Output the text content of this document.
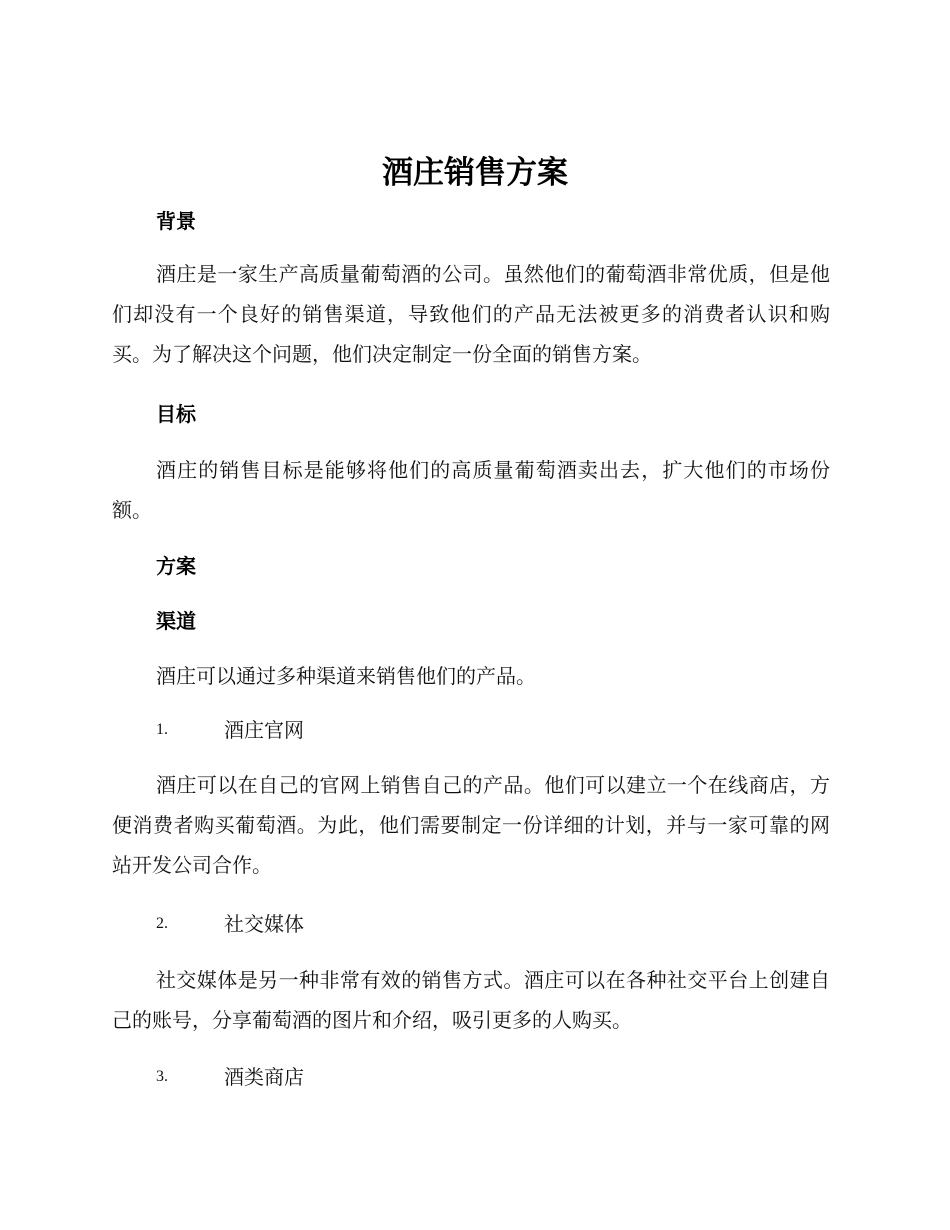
酒庄销售方案
背景

酒庄是一家生产高质量葡萄酒的公司。虽然他们的葡萄酒非常优质，但是他们却没有一个良好的销售渠道，导致他们的产品无法被更多的消费者认识和购买。为了解决这个问题，他们决定制定一份全面的销售方案。

目标

酒庄的销售目标是能够将他们的高质量葡萄酒卖出去，扩大他们的市场份额。

方案
渠道

酒庄可以通过多种渠道来销售他们的产品。

1.	酒庄官网

酒庄可以在自己的官网上销售自己的产品。他们可以建立一个在线商店，方便消费者购买葡萄酒。为此，他们需要制定一份详细的计划，并与一家可靠的网站开发公司合作。

2.	社交媒体

社交媒体是另一种非常有效的销售方式。酒庄可以在各种社交平台上创建自己的账号，分享葡萄酒的图片和介绍，吸引更多的人购买。

3.	酒类商店
